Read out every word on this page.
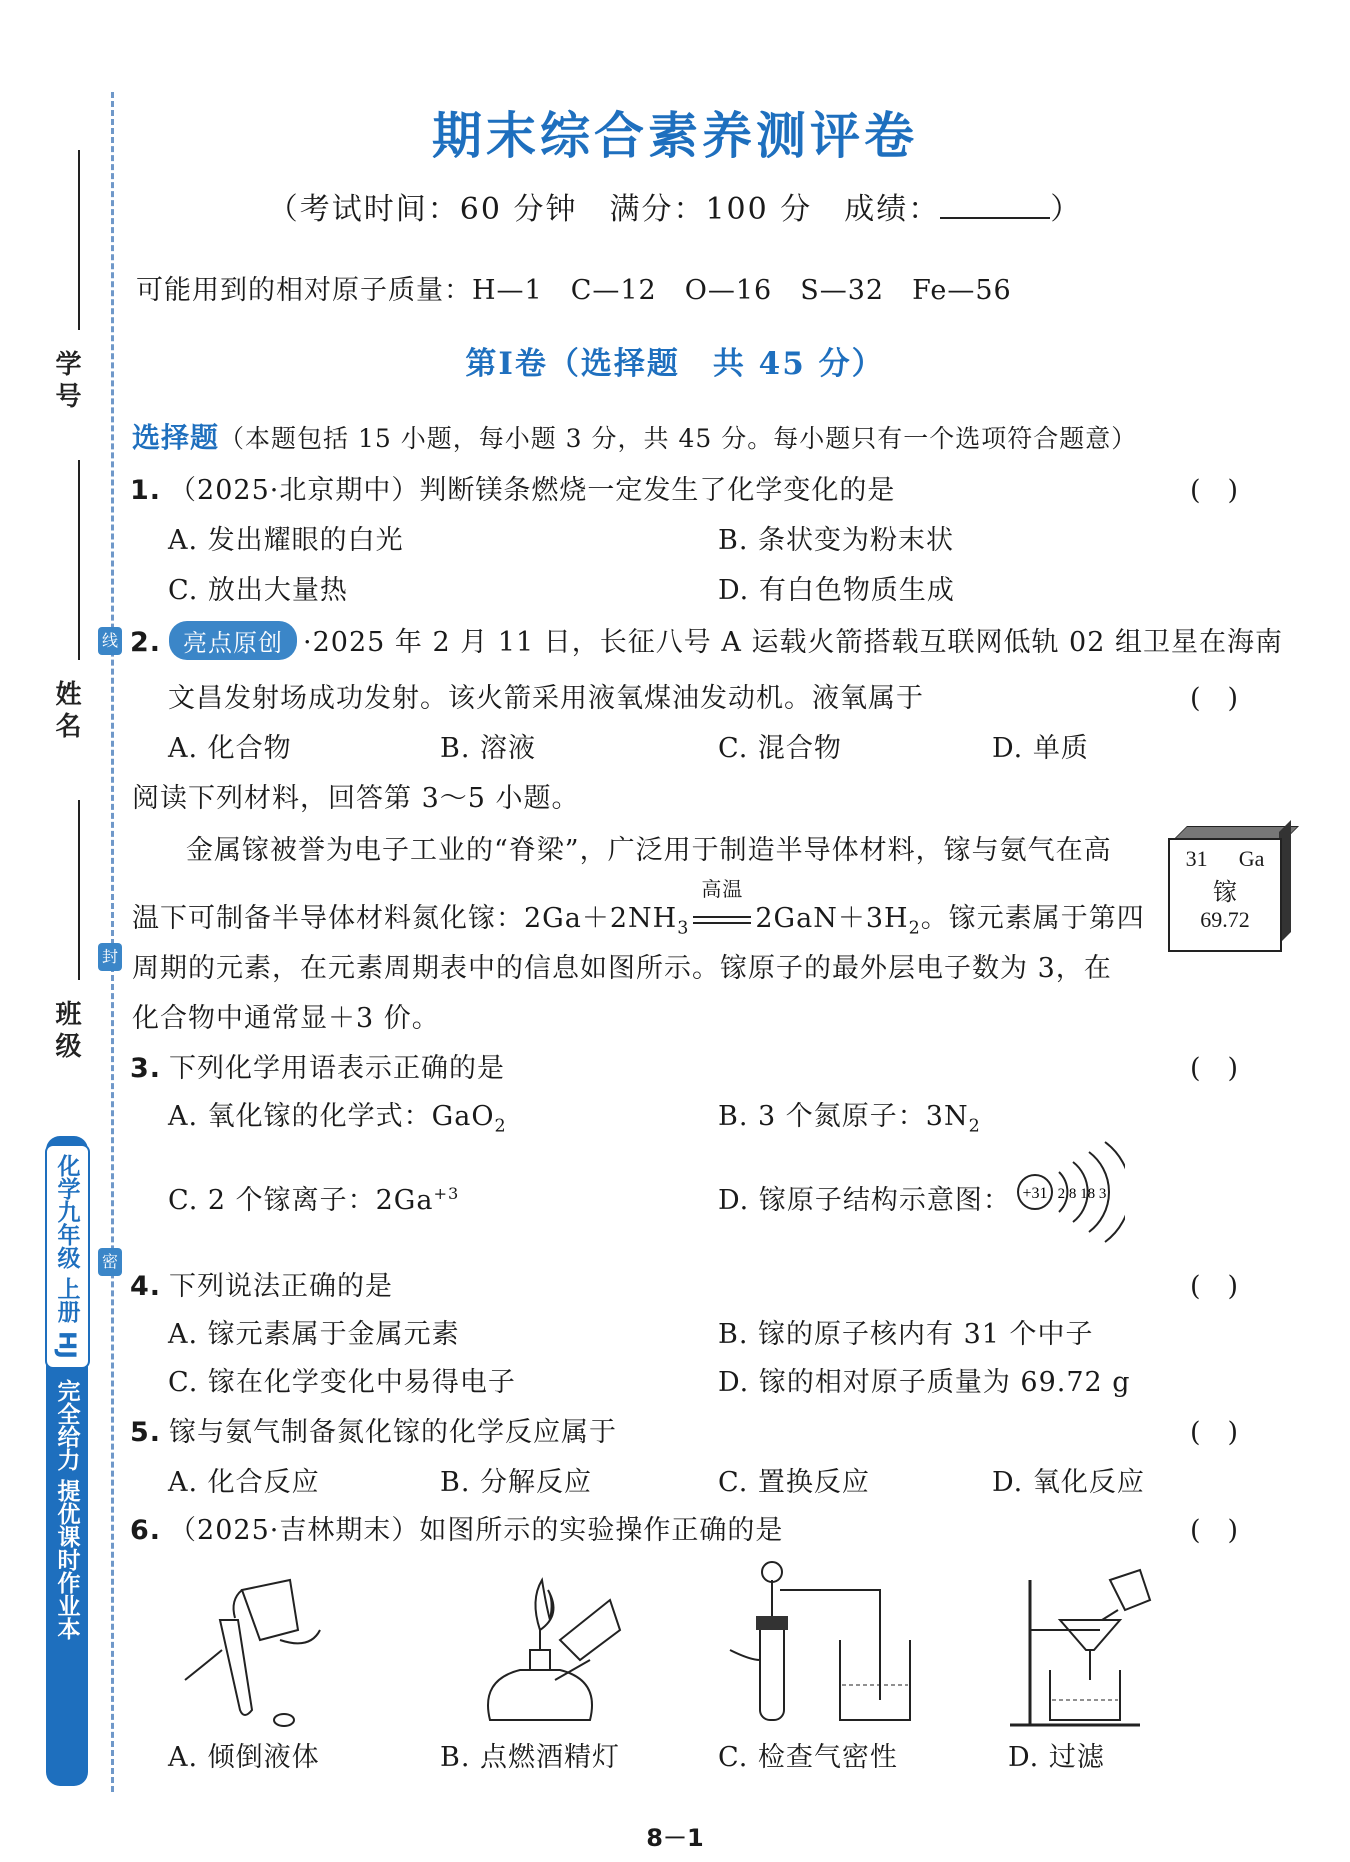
学号
姓名
班级
线
封
密
化学九年级 上册 HJ
完全给力 提优课时作业本
期末综合素养测评卷
（考试时间：60 分钟　满分：100 分　成绩：	）
可能用到的相对原子质量：H—1　C—12　O—16　S—32　Fe—56
第Ⅰ卷（选择题　共 45 分）
选择题（本题包括 15 小题，每小题 3 分，共 45 分。每小题只有一个选项符合题意）
1. （2025·北京期中）判断镁条燃烧一定发生了化学变化的是	(　)
A. 发出耀眼的白光	B. 条状变为粉末状
C. 放出大量热	D. 有白色物质生成
2. 亮点原创 ·2025 年 2 月 11 日，长征八号 A 运载火箭搭载互联网低轨 02 组卫星在海南
文昌发射场成功发射。该火箭采用液氧煤油发动机。液氧属于	(　)
A. 化合物	B. 溶液	C. 混合物	D. 单质
阅读下列材料，回答第 3～5 小题。
金属镓被誉为电子工业的“脊梁”，广泛用于制造半导体材料，镓与氨气在高
温下可制备半导体材料氮化镓：$2Ga+2NH_3$
高温
$2GaN+3H_2$。镓元素属于第四
周期的元素，在元素周期表中的信息如图所示。镓原子的最外层电子数为 3，在
化合物中通常显＋3 价。
31 Ga
镓
69.72
3. 下列化学用语表示正确的是	(　)
A. 氧化镓的化学式：GaO$_2$	B. 3 个氮原子：$3N_2$
C. 2 个镓离子：$2Ga^{+3}$	D. 镓原子结构示意图： +31 2 8 18 3
4. 下列说法正确的是	(　)
A. 镓元素属于金属元素	B. 镓的原子核内有 31 个中子
C. 镓在化学变化中易得电子	D. 镓的相对原子质量为 69.72 g
5. 镓与氨气制备氮化镓的化学反应属于	(　)
A. 化合反应	B. 分解反应	C. 置换反应	D. 氧化反应
6. （2025·吉林期末）如图所示的实验操作正确的是	(　)
A. 倾倒液体	B. 点燃酒精灯	C. 检查气密性	D. 过滤
8－1
